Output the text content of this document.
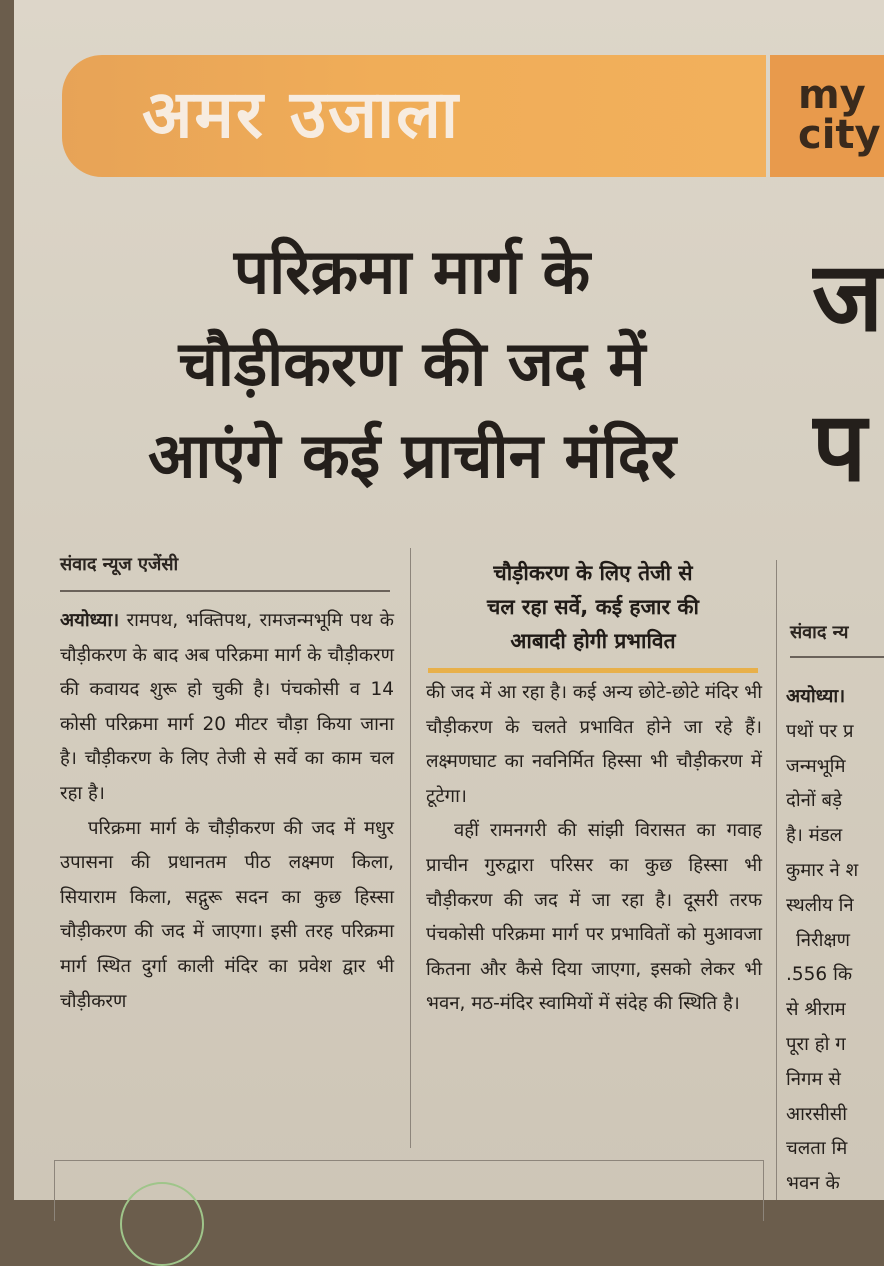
अमर उजाला	my city
परिक्रमा मार्ग के
चौड़ीकरण की जद में
आएंगे कई प्राचीन मंदिर
ज प
संवाद न्यूज एजेंसी

अयोध्या। रामपथ, भक्तिपथ, रामजन्मभूमि पथ के चौड़ीकरण के बाद अब परिक्रमा मार्ग के चौड़ीकरण की कवायद शुरू हो चुकी है। पंचकोसी व 14 कोसी परिक्रमा मार्ग 20 मीटर चौड़ा किया जाना है। चौड़ीकरण के लिए तेजी से सर्वे का काम चल रहा है।

परिक्रमा मार्ग के चौड़ीकरण की जद में मधुर उपासना की प्रधानतम पीठ लक्ष्मण किला, सियाराम किला, सद्गुरू सदन का कुछ हिस्सा चौड़ीकरण की जद में जाएगा। इसी तरह परिक्रमा मार्ग स्थित दुर्गा काली मंदिर का प्रवेश द्वार भी चौड़ीकरण

चौड़ीकरण के लिए तेजी से
चल रहा सर्वे, कई हजार की
आबादी होगी प्रभावित

की जद में आ रहा है। कई अन्य छोटे-छोटे मंदिर भी चौड़ीकरण के चलते प्रभावित होने जा रहे हैं। लक्ष्मणघाट का नवनिर्मित हिस्सा भी चौड़ीकरण में टूटेगा।

वहीं रामनगरी की सांझी विरासत का गवाह प्राचीन गुरुद्वारा परिसर का कुछ हिस्सा भी चौड़ीकरण की जद में जा रहा है। दूसरी तरफ पंचकोसी परिक्रमा मार्ग पर प्रभावितों को मुआवजा कितना और कैसे दिया जाएगा, इसको लेकर भी भवन, मठ-मंदिर स्वामियों में संदेह की स्थिति है।

संवाद न्य
अयोध्या।
पथों पर प्र
जन्मभूमि
दोनों बड़े
है। मंडल
कुमार ने श
स्थलीय नि
निरीक्षण
.556 कि
से श्रीराम
पूरा हो ग
निगम से
आरसीसी
चलता मि
भवन के
